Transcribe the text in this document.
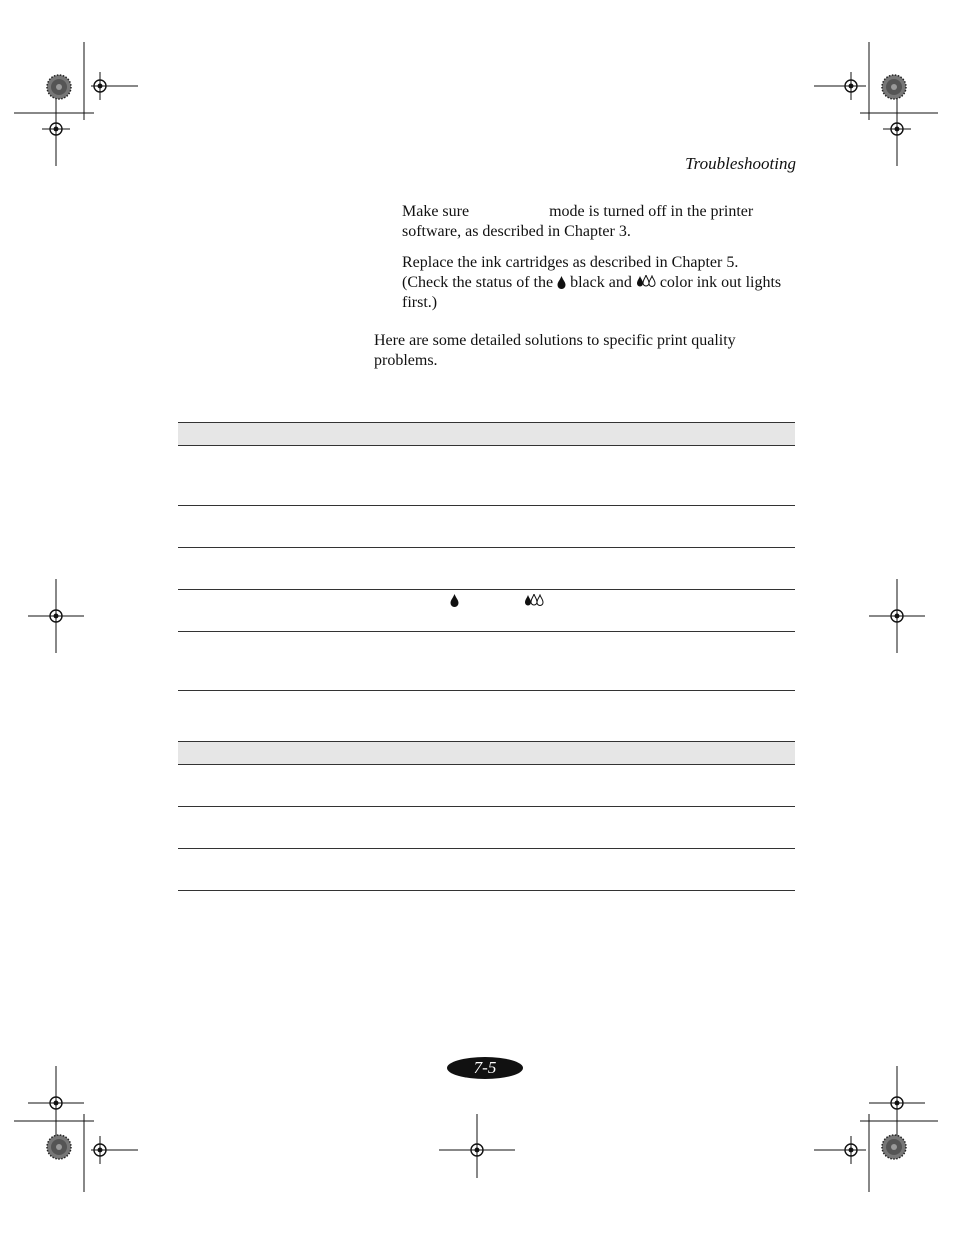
Troubleshooting
Make sure	mode is turned off in the printer
software, as described in Chapter 3.
Replace the ink cartridges as described in Chapter 5.
(Check the status of the black and color ink out lights
first.)
Here are some detailed solutions to specific print quality
problems.
7-5
